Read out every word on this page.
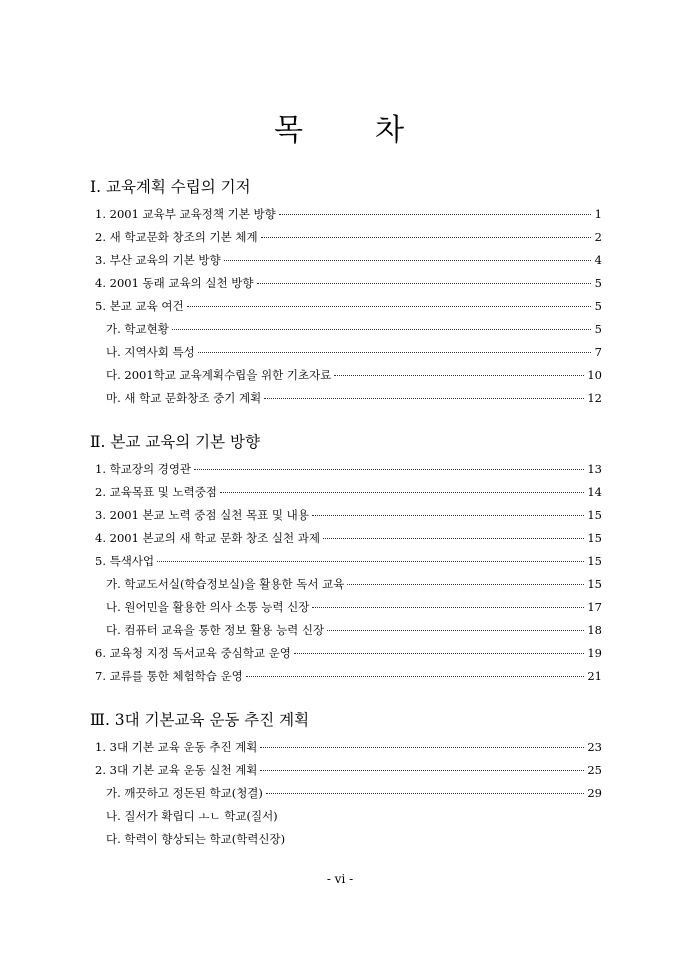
목 차
Ⅰ. 교육계획 수립의 기저
1. 2001 교육부 교육정책 기본 방향	1
2. 새 학교문화 창조의 기본 체계	2
3. 부산 교육의 기본 방향	4
4. 2001 동래 교육의 실천 방향	5
5. 본교 교육 여건	5
가. 학교현황	5
나. 지역사회 특성	7
다. 2001학교 교육계획수립을 위한 기초자료	10
마. 새 학교 문화창조 중기 계획	12
Ⅱ. 본교 교육의 기본 방향
1. 학교장의 경영관	13
2. 교육목표 및 노력중점	14
3. 2001 본교 노력 중점 실천 목표 및 내용	15
4. 2001 본교의 새 학교 문화 창조 실천 과제	15
5. 특색사업	15
가. 학교도서실(학습정보실)을 활용한 독서 교육	15
나. 원어민을 활용한 의사 소통 능력 신장	17
다. 컴퓨터 교육을 통한 정보 활용 능력 신장	18
6. 교육청 지정 독서교육 중심학교 운영	19
7. 교류를 통한 체험학습 운영	21
Ⅲ. 3대 기본교육 운동 추진 계획
1. 3대 기본 교육 운동 추진 계획	23
2. 3대 기본 교육 운동 실천 계획	25
가. 깨끗하고 정돈된 학교(청결)	29
나. 질서가 확립디 ㅗㄴ 학교(질서)
다. 학력이 향상되는 학교(학력신장)
- vi -
